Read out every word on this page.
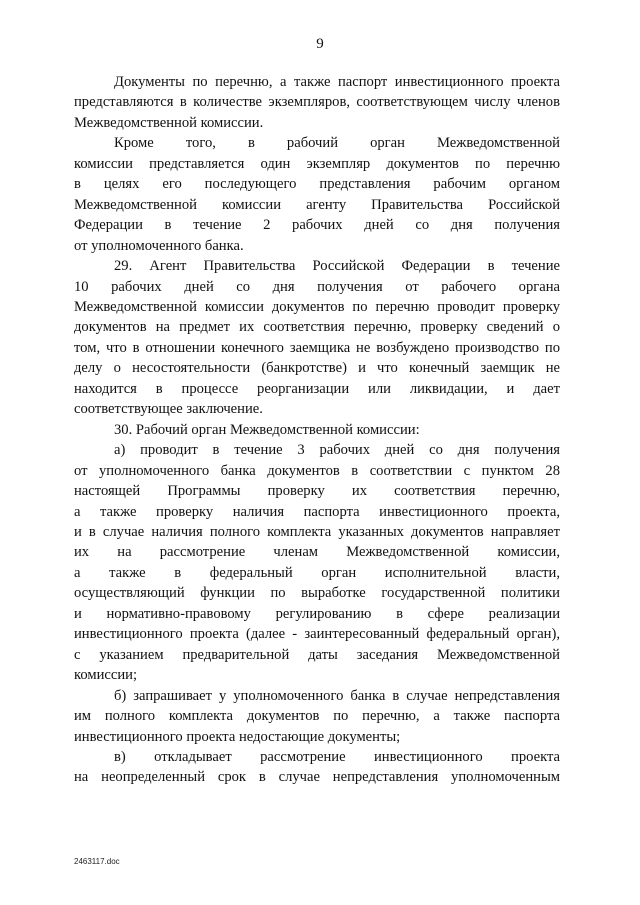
9

Документы по перечню, а также паспорт инвестиционного проекта
представляются в количестве экземпляров, соответствующем числу членов
Межведомственной комиссии.

Кроме того, в рабочий орган Межведомственной
комиссии представляется один экземпляр документов по перечню
в целях его последующего представления рабочим органом
Межведомственной комиссии агенту Правительства Российской
Федерации в течение 2 рабочих дней со дня получения
от уполномоченного банка.

29. Агент Правительства Российской Федерации в течение
10 рабочих дней со дня получения от рабочего органа
Межведомственной комиссии документов по перечню проводит проверку
документов на предмет их соответствия перечню, проверку сведений о
том, что в отношении конечного заемщика не возбуждено производство по
делу о несостоятельности (банкротстве) и что конечный заемщик не
находится в процессе реорганизации или ликвидации, и дает
соответствующее заключение.

30. Рабочий орган Межведомственной комиссии:

а) проводит в течение 3 рабочих дней со дня получения
от уполномоченного банка документов в соответствии с пунктом 28
настоящей Программы проверку их соответствия перечню,
а также проверку наличия паспорта инвестиционного проекта,
и в случае наличия полного комплекта указанных документов направляет
их на рассмотрение членам Межведомственной комиссии,
а также в федеральный орган исполнительной власти,
осуществляющий функции по выработке государственной политики
и нормативно-правовому регулированию в сфере реализации
инвестиционного проекта (далее - заинтересованный федеральный орган),
с указанием предварительной даты заседания Межведомственной
комиссии;

б) запрашивает у уполномоченного банка в случае непредставления
им полного комплекта документов по перечню, а также паспорта
инвестиционного проекта недостающие документы;

в) откладывает рассмотрение инвестиционного проекта
на неопределенный срок в случае непредставления уполномоченным

2463117.doc
